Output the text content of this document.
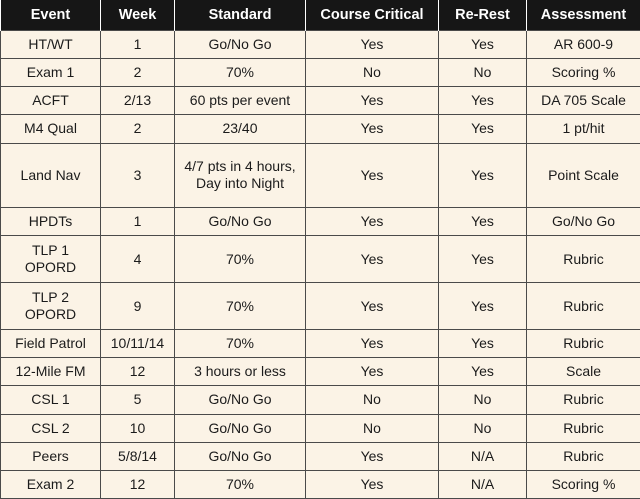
Event	Week	Standard	Course Critical	Re-Rest	Assessment
HT/WT	1	Go/No Go	Yes	Yes	AR 600-9
Exam 1	2	70%	No	No	Scoring %
ACFT	2/13	60 pts per event	Yes	Yes	DA 705 Scale
M4 Qual	2	23/40	Yes	Yes	1 pt/hit
Land Nav	3	4/7 pts in 4 hours, Day into Night	Yes	Yes	Point Scale
HPDTs	1	Go/No Go	Yes	Yes	Go/No Go
TLP 1 OPORD	4	70%	Yes	Yes	Rubric
TLP 2 OPORD	9	70%	Yes	Yes	Rubric
Field Patrol	10/11/14	70%	Yes	Yes	Rubric
12-Mile FM	12	3 hours or less	Yes	Yes	Scale
CSL 1	5	Go/No Go	No	No	Rubric
CSL 2	10	Go/No Go	No	No	Rubric
Peers	5/8/14	Go/No Go	Yes	N/A	Rubric
Exam 2	12	70%	Yes	N/A	Scoring %
